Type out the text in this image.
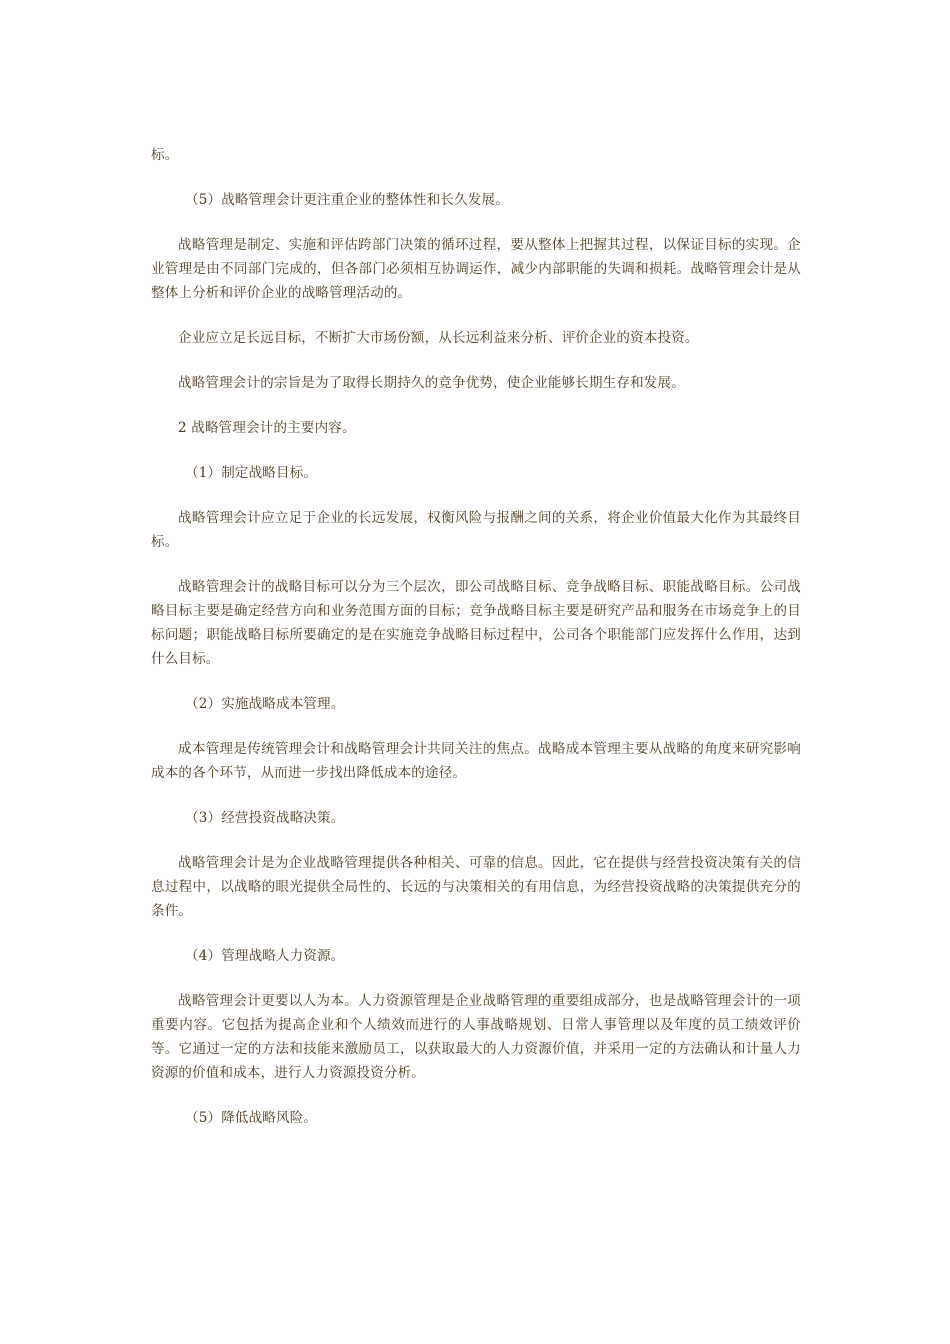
标。

（5）战略管理会计更注重企业的整体性和长久发展。

战略管理是制定、实施和评估跨部门决策的循环过程，要从整体上把握其过程，以保证目标的实现。企业管理是由不同部门完成的，但各部门必须相互协调运作，减少内部职能的失调和损耗。战略管理会计是从整体上分析和评价企业的战略管理活动的。

企业应立足长远目标，不断扩大市场份额，从长远利益来分析、评价企业的资本投资。

战略管理会计的宗旨是为了取得长期持久的竞争优势，使企业能够长期生存和发展。

2 战略管理会计的主要内容。

（1）制定战略目标。

战略管理会计应立足于企业的长远发展，权衡风险与报酬之间的关系，将企业价值最大化作为其最终目标。

战略管理会计的战略目标可以分为三个层次，即公司战略目标、竞争战略目标、职能战略目标。公司战略目标主要是确定经营方向和业务范围方面的目标；竞争战略目标主要是研究产品和服务在市场竞争上的目标问题；职能战略目标所要确定的是在实施竞争战略目标过程中，公司各个职能部门应发挥什么作用，达到什么目标。

（2）实施战略成本管理。

成本管理是传统管理会计和战略管理会计共同关注的焦点。战略成本管理主要从战略的角度来研究影响成本的各个环节，从而进一步找出降低成本的途径。

（3）经营投资战略决策。

战略管理会计是为企业战略管理提供各种相关、可靠的信息。因此，它在提供与经营投资决策有关的信息过程中，以战略的眼光提供全局性的、长远的与决策相关的有用信息，为经营投资战略的决策提供充分的条件。

（4）管理战略人力资源。

战略管理会计更要以人为本。人力资源管理是企业战略管理的重要组成部分，也是战略管理会计的一项重要内容。它包括为提高企业和个人绩效而进行的人事战略规划、日常人事管理以及年度的员工绩效评价等。它通过一定的方法和技能来激励员工，以获取最大的人力资源价值，并采用一定的方法确认和计量人力资源的价值和成本，进行人力资源投资分析。

（5）降低战略风险。
